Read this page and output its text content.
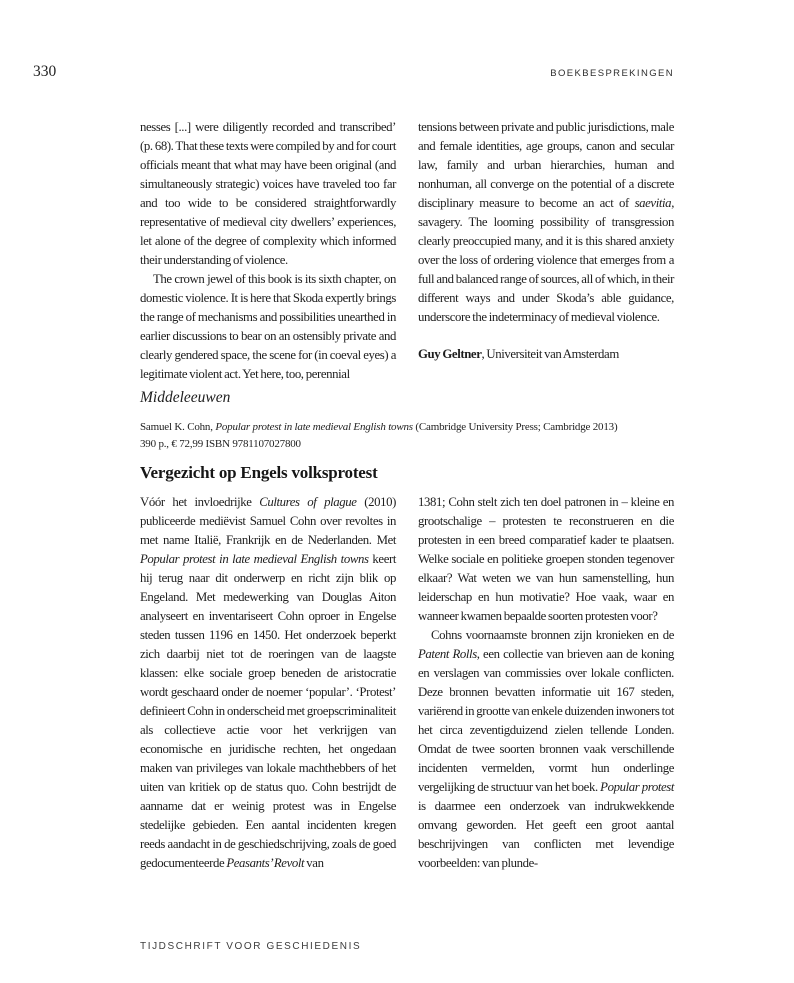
330	BOEKBESPREKINGEN

nesses [...] were diligently recorded and transcribed’ (p. 68). That these texts were compiled by and for court officials meant that what may have been original (and simultaneously strategic) voices have traveled too far and too wide to be considered straightforwardly representative of medieval city dwellers’ experiences, let alone of the degree of complexity which informed their understanding of violence.

The crown jewel of this book is its sixth chapter, on domestic violence. It is here that Skoda expertly brings the range of mechanisms and possibilities unearthed in earlier discussions to bear on an ostensibly private and clearly gendered space, the scene for (in coeval eyes) a legitimate violent act. Yet here, too, perennial

tensions between private and public jurisdictions, male and female identities, age groups, canon and secular law, family and urban hierarchies, human and nonhuman, all converge on the potential of a discrete disciplinary measure to become an act of saevitia, savagery. The looming possibility of transgression clearly preoccupied many, and it is this shared anxiety over the loss of ordering violence that emerges from a full and balanced range of sources, all of which, in their different ways and under Skoda’s able guidance, underscore the indeterminacy of medieval violence.

Guy Geltner, Universiteit van Amsterdam

Middeleeuwen

Samuel K. Cohn, Popular protest in late medieval English towns (Cambridge University Press; Cambridge 2013)

390 p., € 72,99 ISBN 9781107027800

Vergezicht op Engels volksprotest

Vóór het invloedrijke Cultures of plague (2010) publiceerde mediëvist Samuel Cohn over revoltes in met name Italië, Frankrijk en de Nederlanden. Met Popular protest in late medieval English towns keert hij terug naar dit onderwerp en richt zijn blik op Engeland. Met medewerking van Douglas Aiton analyseert en inventariseert Cohn oproer in Engelse steden tussen 1196 en 1450. Het onderzoek beperkt zich daarbij niet tot de roeringen van de laagste klassen: elke sociale groep beneden de aristocratie wordt geschaard onder de noemer ‘popular’. ‘Protest’ definieert Cohn in onderscheid met groepscriminaliteit als collectieve actie voor het verkrijgen van economische en juridische rechten, het ongedaan maken van privileges van lokale machthebbers of het uiten van kritiek op de status quo. Cohn bestrijdt de aanname dat er weinig protest was in Engelse stedelijke gebieden. Een aantal incidenten kregen reeds aandacht in de geschiedschrijving, zoals de goed gedocumenteerde Peasants’ Revolt van

1381; Cohn stelt zich ten doel patronen in – kleine en grootschalige – protesten te reconstrueren en die protesten in een breed comparatief kader te plaatsen. Welke sociale en politieke groepen stonden tegenover elkaar? Wat weten we van hun samenstelling, hun leiderschap en hun motivatie? Hoe vaak, waar en wanneer kwamen bepaalde soorten protesten voor?

Cohns voornaamste bronnen zijn kronieken en de Patent Rolls, een collectie van brieven aan de koning en verslagen van commissies over lokale conflicten. Deze bronnen bevatten informatie uit 167 steden, variërend in grootte van enkele duizenden inwoners tot het circa zeventigduizend zielen tellende Londen. Omdat de twee soorten bronnen vaak verschillende incidenten vermelden, vormt hun onderlinge vergelijking de structuur van het boek. Popular protest is daarmee een onderzoek van indrukwekkende omvang geworden. Het geeft een groot aantal beschrijvingen van conflicten met levendige voorbeelden: van plunde-

TIJDSCHRIFT VOOR GESCHIEDENIS
